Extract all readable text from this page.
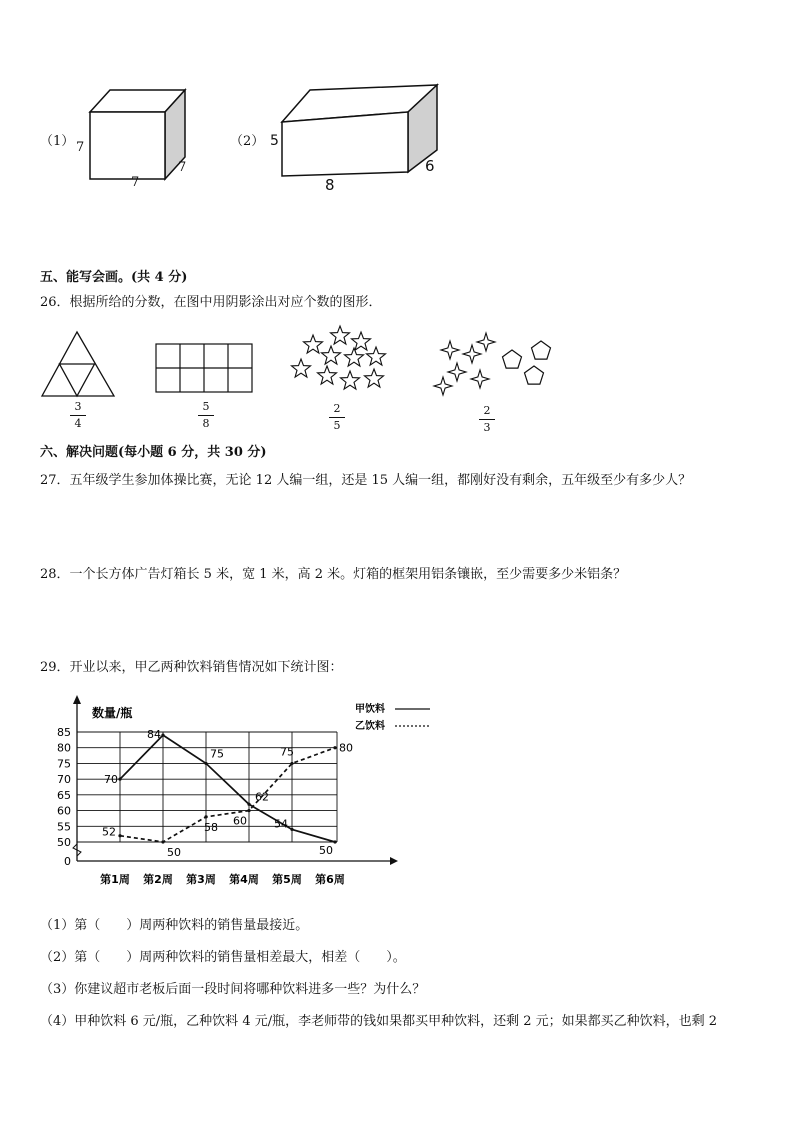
（1） 7
7
7
（2） 5
8
6
五、能写会画。(共 4 分)
26．根据所给的分数，在图中用阴影涂出对应个数的图形．
3
4
5
8
2
5
2
3
六、解决问题(每小题 6 分，共 30 分)
27．五年级学生参加体操比赛，无论 12 人编一组，还是 15 人编一组，都刚好没有剩余，五年级至少有多少人？
28．一个长方体广告灯箱长 5 米，宽 1 米，高 2 米。灯箱的框架用铝条镶嵌，至少需要多少米铝条？
29．开业以来，甲乙两种饮料销售情况如下统计图：
数量/瓶
85
80
75
70
65
60
55
50
0
第1周 第2周 第3周 第4周 第5周 第6周
70
84
75
62
54
50
52
50
58 60
75	80
甲饮料
乙饮料
（1）第（　　）周两种饮料的销售量最接近。
（2）第（　　）周两种饮料的销售量相差最大，相差（　　）。
（3）你建议超市老板后面一段时间将哪种饮料进多一些？为什么？
（4）甲种饮料 6 元/瓶，乙种饮料 4 元/瓶，李老师带的钱如果都买甲种饮料，还剩 2 元；如果都买乙种饮料，也剩 2
